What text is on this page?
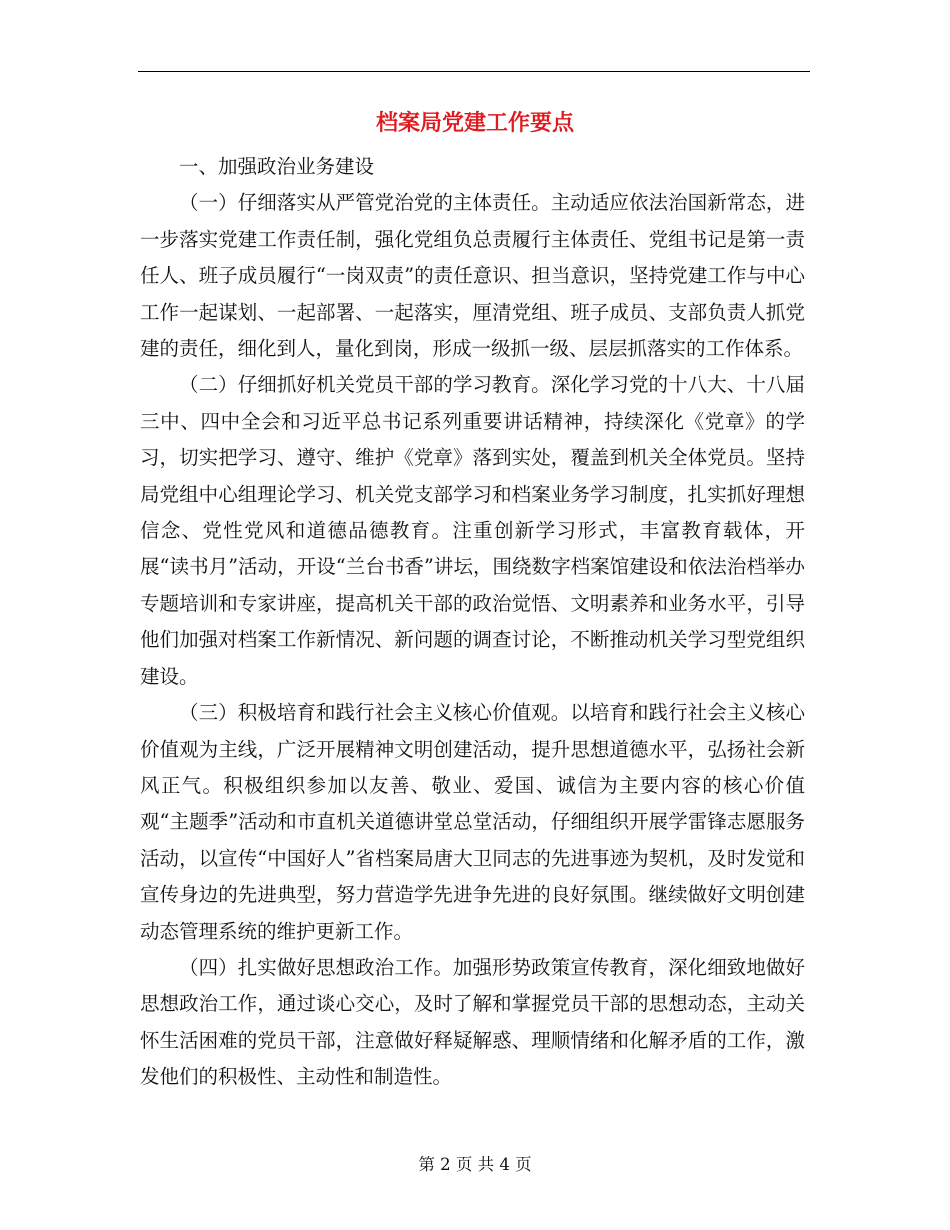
档案局党建工作要点

一、加强政治业务建设

（一）仔细落实从严管党治党的主体责任。主动适应依法治国新常态，进一步落实党建工作责任制，强化党组负总责履行主体责任、党组书记是第一责任人、班子成员履行“一岗双责”的责任意识、担当意识，坚持党建工作与中心工作一起谋划、一起部署、一起落实，厘清党组、班子成员、支部负责人抓党建的责任，细化到人，量化到岗，形成一级抓一级、层层抓落实的工作体系。

（二）仔细抓好机关党员干部的学习教育。深化学习党的十八大、十八届三中、四中全会和习近平总书记系列重要讲话精神，持续深化《党章》的学习，切实把学习、遵守、维护《党章》落到实处，覆盖到机关全体党员。坚持局党组中心组理论学习、机关党支部学习和档案业务学习制度，扎实抓好理想信念、党性党风和道德品德教育。注重创新学习形式，丰富教育载体，开展“读书月”活动，开设“兰台书香”讲坛，围绕数字档案馆建设和依法治档举办专题培训和专家讲座，提高机关干部的政治觉悟、文明素养和业务水平，引导他们加强对档案工作新情况、新问题的调查讨论，不断推动机关学习型党组织建设。

（三）积极培育和践行社会主义核心价值观。以培育和践行社会主义核心价值观为主线，广泛开展精神文明创建活动，提升思想道德水平，弘扬社会新风正气。积极组织参加以友善、敬业、爱国、诚信为主要内容的核心价值观“主题季”活动和市直机关道德讲堂总堂活动，仔细组织开展学雷锋志愿服务活动，以宣传“中国好人”省档案局唐大卫同志的先进事迹为契机，及时发觉和宣传身边的先进典型，努力营造学先进争先进的良好氛围。继续做好文明创建动态管理系统的维护更新工作。

（四）扎实做好思想政治工作。加强形势政策宣传教育，深化细致地做好思想政治工作，通过谈心交心，及时了解和掌握党员干部的思想动态，主动关怀生活困难的党员干部，注意做好释疑解惑、理顺情绪和化解矛盾的工作，激发他们的积极性、主动性和制造性。

第 2 页 共 4 页
